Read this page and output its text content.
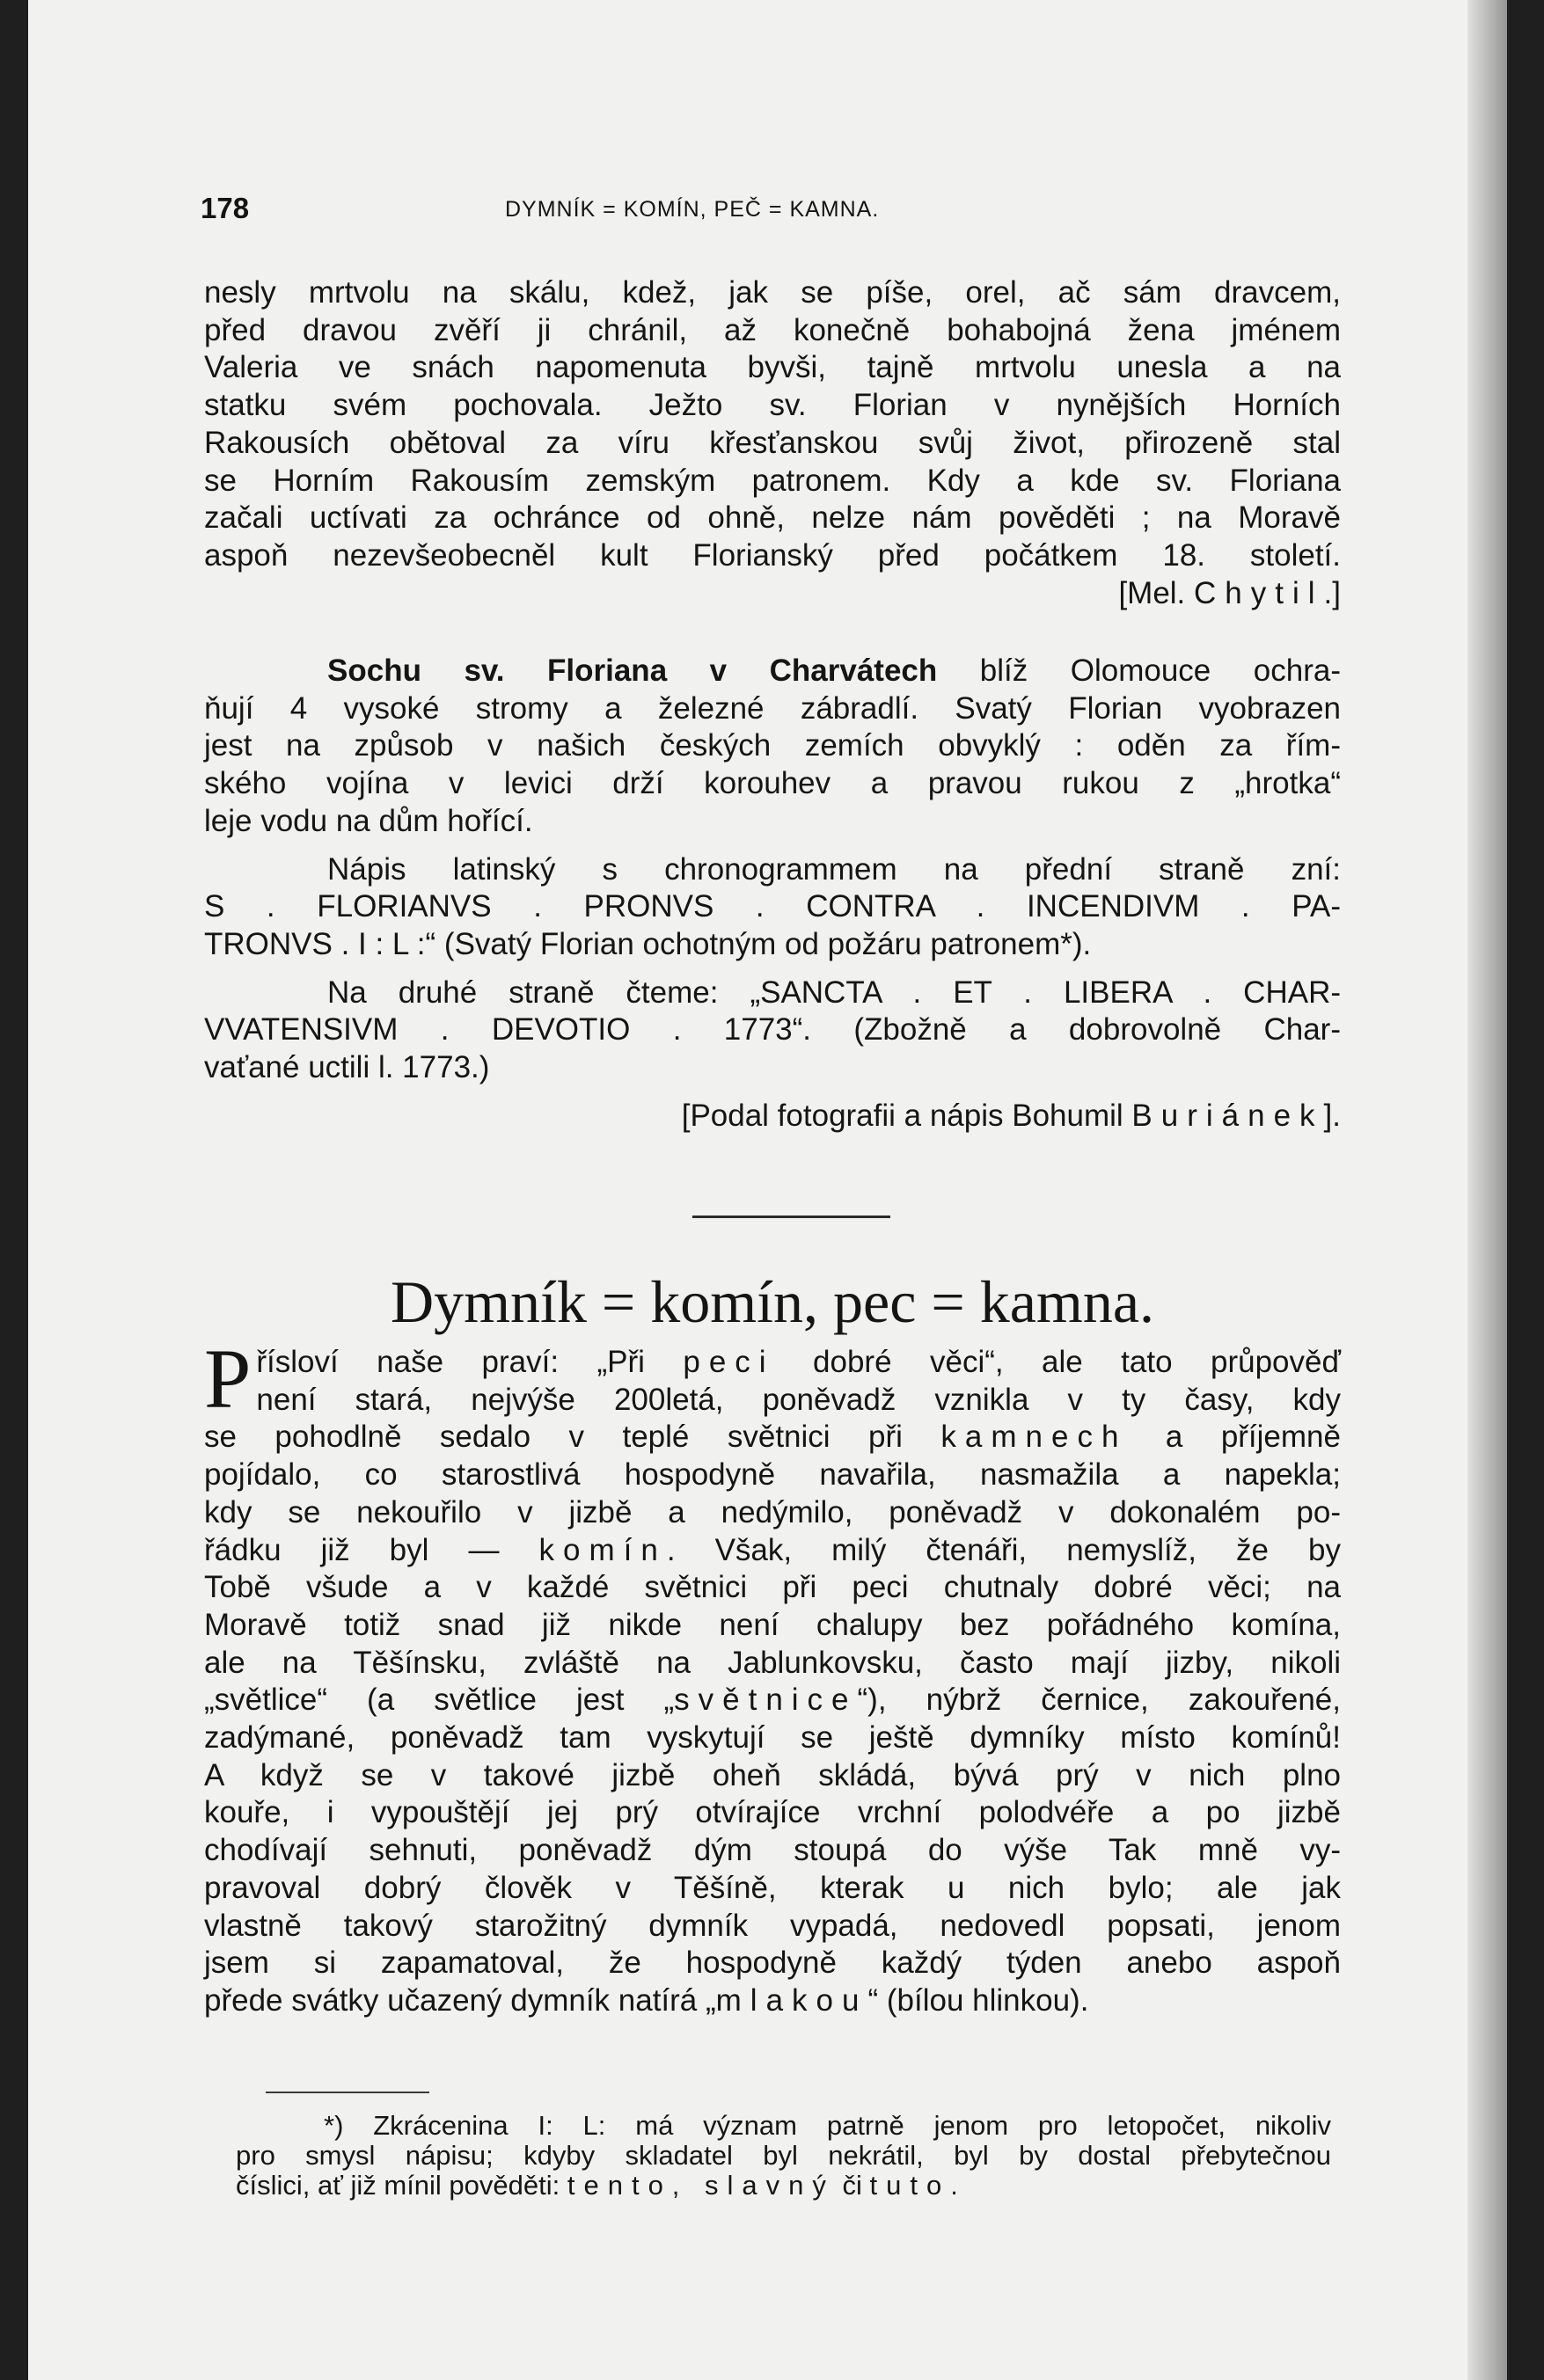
178	DYMNÍK = KOMÍN, PEČ = KAMNA.

nesly mrtvolu na skálu, kdež, jak se píše, orel, ač sám dravcem,

před dravou zvěří ji chránil, až konečně bohabojná žena jménem

Valeria ve snách napomenuta byvši, tajně mrtvolu unesla a na

statku svém pochovala. Ježto sv. Florian v nynějších Horních

Rakousích obětoval za víru křesťanskou svůj život, přirozeně stal

se Horním Rakousím zemským patronem. Kdy a kde sv. Floriana

začali uctívati za ochránce od ohně, nelze nám pověděti ; na Moravě

aspoň nezevšeobecněl kult Florianský před počátkem 18. století.

[Mel. Chytil.]

Sochu sv. Floriana v Charvátech blíž Olomouce ochra-

ňují 4 vysoké stromy a železné zábradlí. Svatý Florian vyobrazen

jest na způsob v našich českých zemích obvyklý : oděn za řím-

ského vojína v levici drží korouhev a pravou rukou z „hrotka“

leje vodu na dům hořící.

Nápis latinský s chronogrammem na přední straně zní:

S . FLORIANVS . PRONVS . CONTRA . INCENDIVM . PA-

TRONVS . I : L :“ (Svatý Florian ochotným od požáru patronem*).

Na druhé straně čteme: „SANCTA . ET . LIBERA . CHAR-

VVATENSIVM . DEVOTIO . 1773“. (Zbožně a dobrovolně Char-

vaťané uctili l. 1773.)

[Podal fotografii a nápis Bohumil Buriánek].

Dymník = komín, pec = kamna.
P řísloví naše praví: „Při peci dobré věci“, ale tato průpověď

není stará, nejvýše 200letá, poněvadž vznikla v ty časy, kdy

se pohodlně sedalo v teplé světnici při kamnech a příjemně

pojídalo, co starostlivá hospodyně navařila, nasmažila a napekla;

kdy se nekouřilo v jizbě a nedýmilo, poněvadž v dokonalém po-

řádku již byl — komín. Však, milý čtenáři, nemyslíž, že by

Tobě všude a v každé světnici při peci chutnaly dobré věci; na

Moravě totiž snad již nikde není chalupy bez pořádného komína,

ale na Těšínsku, zvláště na Jablunkovsku, často mají jizby, nikoli

„světlice“ (a světlice jest „světnice“), nýbrž černice, zakouřené,

zadýmané, poněvadž tam vyskytují se ještě dymníky místo komínů!

A když se v takové jizbě oheň skládá, bývá prý v nich plno

kouře, i vypouštějí jej prý otvírajíce vrchní polodvéře a po jizbě

chodívají sehnuti, poněvadž dým stoupá do výše Tak mně vy-

pravoval dobrý člověk v Těšíně, kterak u nich bylo; ale jak

vlastně takový starožitný dymník vypadá, nedovedl popsati, jenom

jsem si zapamatoval, že hospodyně každý týden anebo aspoň

přede svátky učazený dymník natírá „mlakou“ (bílou hlinkou).

*) Zkrácenina I: L: má význam patrně jenom pro letopočet, nikoliv

pro smysl nápisu; kdyby skladatel byl nekrátil, byl by dostal přebytečnou

číslici, ať již mínil pověděti: tento, slavný či tuto.
